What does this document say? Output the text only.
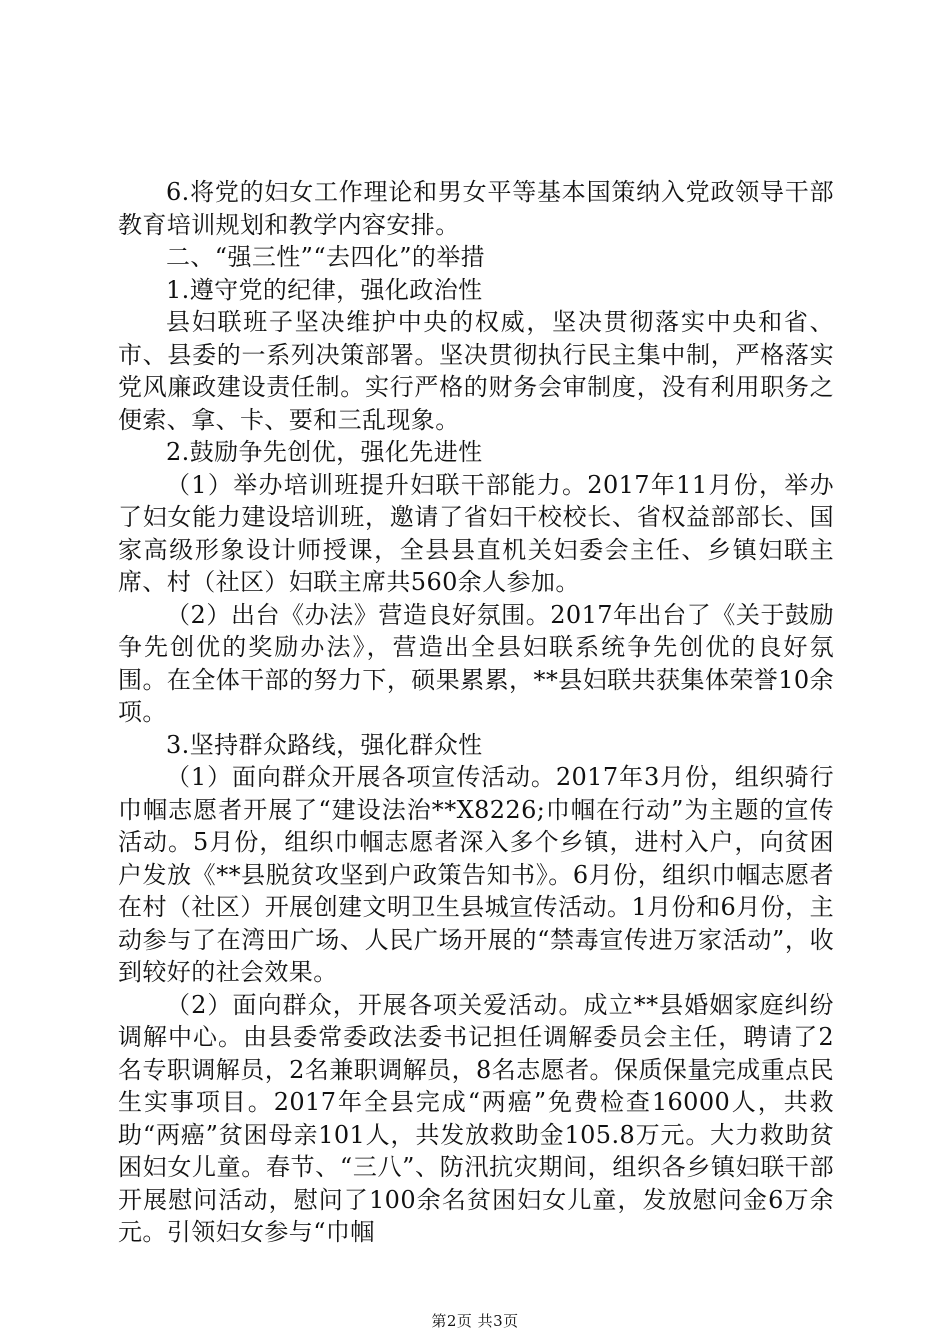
6.将党的妇女工作理论和男女平等基本国策纳入党政领导干部教育培训规划和教学内容安排。

二、“强三性”“去四化”的举措

1.遵守党的纪律，强化政治性

县妇联班子坚决维护中央的权威，坚决贯彻落实中央和省、市、县委的一系列决策部署。坚决贯彻执行民主集中制，严格落实党风廉政建设责任制。实行严格的财务会审制度，没有利用职务之便索、拿、卡、要和三乱现象。

2.鼓励争先创优，强化先进性

（1）举办培训班提升妇联干部能力。2017年11月份，举办了妇女能力建设培训班，邀请了省妇干校校长、省权益部部长、国家高级形象设计师授课，全县县直机关妇委会主任、乡镇妇联主席、村（社区）妇联主席共560余人参加。

（2）出台《办法》营造良好氛围。2017年出台了《关于鼓励争先创优的奖励办法》，营造出全县妇联系统争先创优的良好氛围。在全体干部的努力下，硕果累累，**县妇联共获集体荣誉10余项。

3.坚持群众路线，强化群众性

（1）面向群众开展各项宣传活动。2017年3月份，组织骑行巾帼志愿者开展了“建设法治**X8226;巾帼在行动”为主题的宣传活动。5月份，组织巾帼志愿者深入多个乡镇，进村入户，向贫困户发放《**县脱贫攻坚到户政策告知书》。6月份，组织巾帼志愿者在村（社区）开展创建文明卫生县城宣传活动。1月份和6月份，主动参与了在湾田广场、人民广场开展的“禁毒宣传进万家活动”，收到较好的社会效果。

（2）面向群众，开展各项关爱活动。成立**县婚姻家庭纠纷调解中心。由县委常委政法委书记担任调解委员会主任，聘请了2名专职调解员，2名兼职调解员，8名志愿者。保质保量完成重点民生实事项目。2017年全县完成“两癌”免费检查16000人，共救助“两癌”贫困母亲101人，共发放救助金105.8万元。大力救助贫困妇女儿童。春节、“三八”、防汛抗灾期间，组织各乡镇妇联干部开展慰问活动，慰问了100余名贫困妇女儿童，发放慰问金6万余元。引领妇女参与“巾帼

第2页 共3页
